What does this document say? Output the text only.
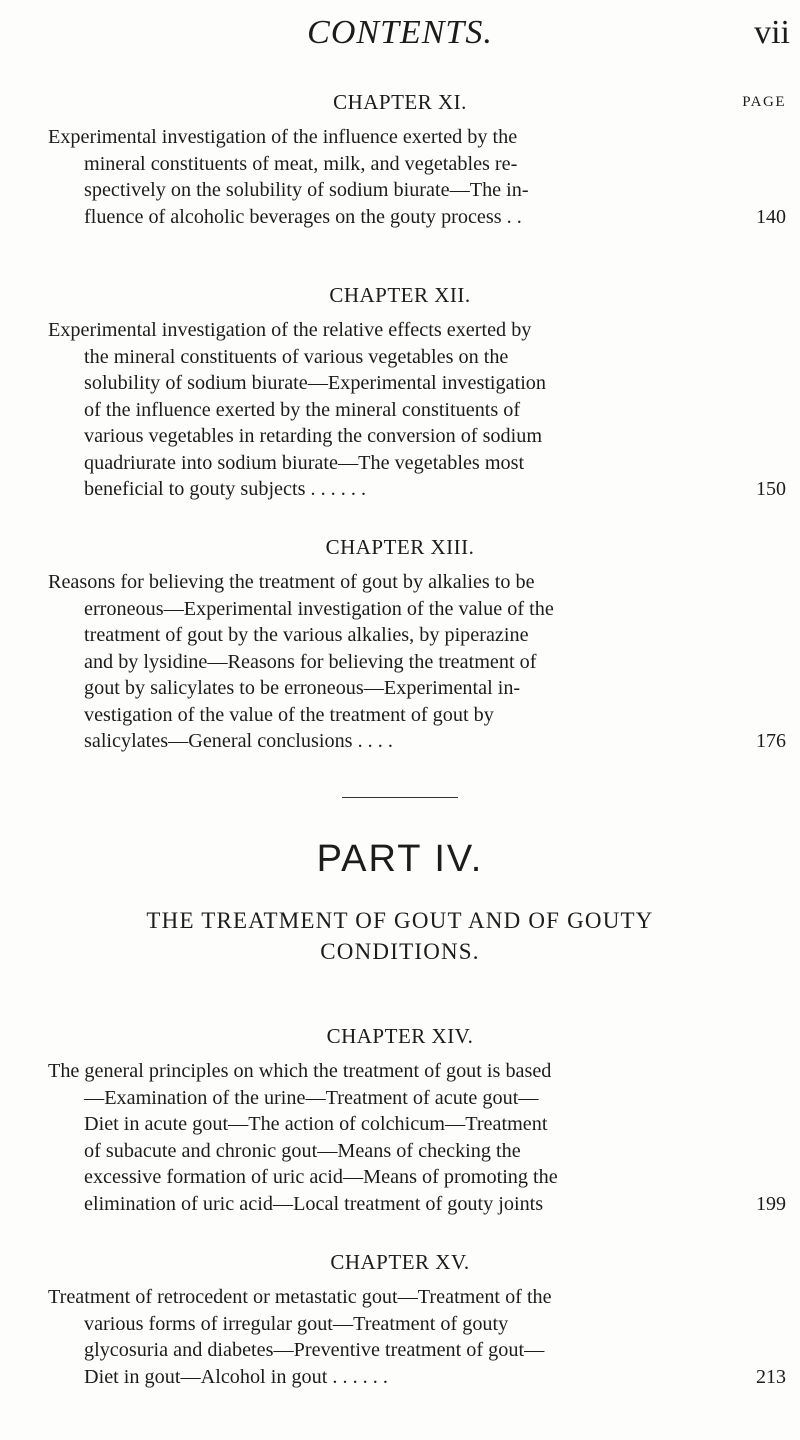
CONTENTS.	vii
CHAPTER XI.	PAGE
Experimental investigation of the influence exerted by the
mineral constituents of meat, milk, and vegetables re-
spectively on the solubility of sodium biurate—The in-
fluence of alcoholic beverages on the gouty process . .	140
CHAPTER XII.
Experimental investigation of the relative effects exerted by
the mineral constituents of various vegetables on the
solubility of sodium biurate—Experimental investigation
of the influence exerted by the mineral constituents of
various vegetables in retarding the conversion of sodium
quadriurate into sodium biurate—The vegetables most
beneficial to gouty subjects . . . . . .	150
CHAPTER XIII.
Reasons for believing the treatment of gout by alkalies to be
erroneous—Experimental investigation of the value of the
treatment of gout by the various alkalies, by piperazine
and by lysidine—Reasons for believing the treatment of
gout by salicylates to be erroneous—Experimental in-
vestigation of the value of the treatment of gout by
salicylates—General conclusions . . . .	176
PART IV.
THE TREATMENT OF GOUT AND OF GOUTY
CONDITIONS.
CHAPTER XIV.
The general principles on which the treatment of gout is based
—Examination of the urine—Treatment of acute gout—
Diet in acute gout—The action of colchicum—Treatment
of subacute and chronic gout—Means of checking the
excessive formation of uric acid—Means of promoting the
elimination of uric acid—Local treatment of gouty joints	199
CHAPTER XV.
Treatment of retrocedent or metastatic gout—Treatment of the
various forms of irregular gout—Treatment of gouty
glycosuria and diabetes—Preventive treatment of gout—
Diet in gout—Alcohol in gout . . . . . .	213
